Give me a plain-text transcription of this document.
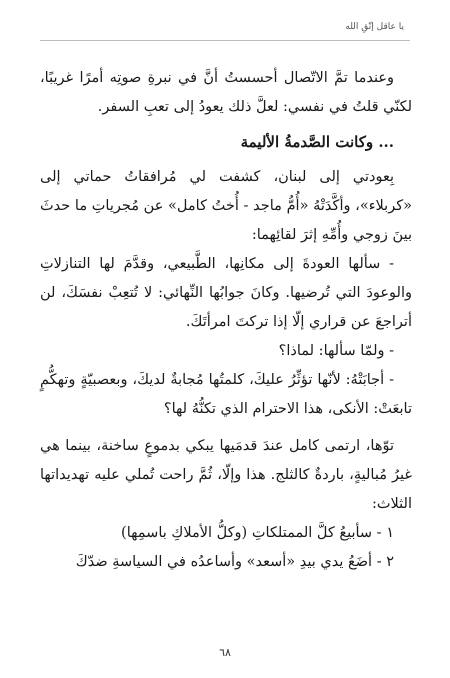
يا عاقل إتّقِ الله

وعندما تمَّ الاتّصال أحسستُ أنَّ في نبرةِ صوتِه أمرًا غريبًا، لكنّي قلتُ في نفسي: لعلَّ ذلك يعودُ إلى تعبِ السفر.

... وكانت الصَّدمةُ الأليمة

بِعودتي إلى لبنان، كشفت لي مُرافقاتُ حماتي إلى «كربلاء»، وأكَّدَتْهُ «أُمُّ ماجد - أُختُ كامل» عن مُجرياتِ ما حدثَ بينَ زوجي وأُمِّهِ إثرَ لقائِهما:

- سألها العودةَ إلى مكانِها، الطَّبيعي، وقدَّمَ لها التنازلاتِ والوعودَ التي تُرضيها. وكانَ جوابُها النِّهائي: لا تُتعِبْ نفسَكَ، لن أتراجعَ عن قراري إلّا إذا تركتَ امرأتَكَ.

- ولمّا سألها: لماذا؟

- أجابَتْهُ: لأنّها تؤثِّرُ عليكَ، كلمتُها مُجابةٌ لديكَ، وبعصبيّةٍ وتهكُّمٍ تابعَتْ: الأنكى، هذا الاحترام الذي تكنُّهُ لها؟

توّها، ارتمى كامل عندَ قدمَيها يبكي بدموعٍ ساخنة، بينما هي غيرُ مُباليةٍ، باردةٌ كالثلج. هذا وإلّا، ثُمَّ راحت تُملي عليه تهديداتها الثلاث:

١ - سأبيعُ كلَّ الممتلكاتِ (وكلُّ الأملاكِ باسمِها)

٢ - أضَعُ يدي بيدِ «أسعد» وأساعدُه في السياسةِ ضدّكَ

٦٨
